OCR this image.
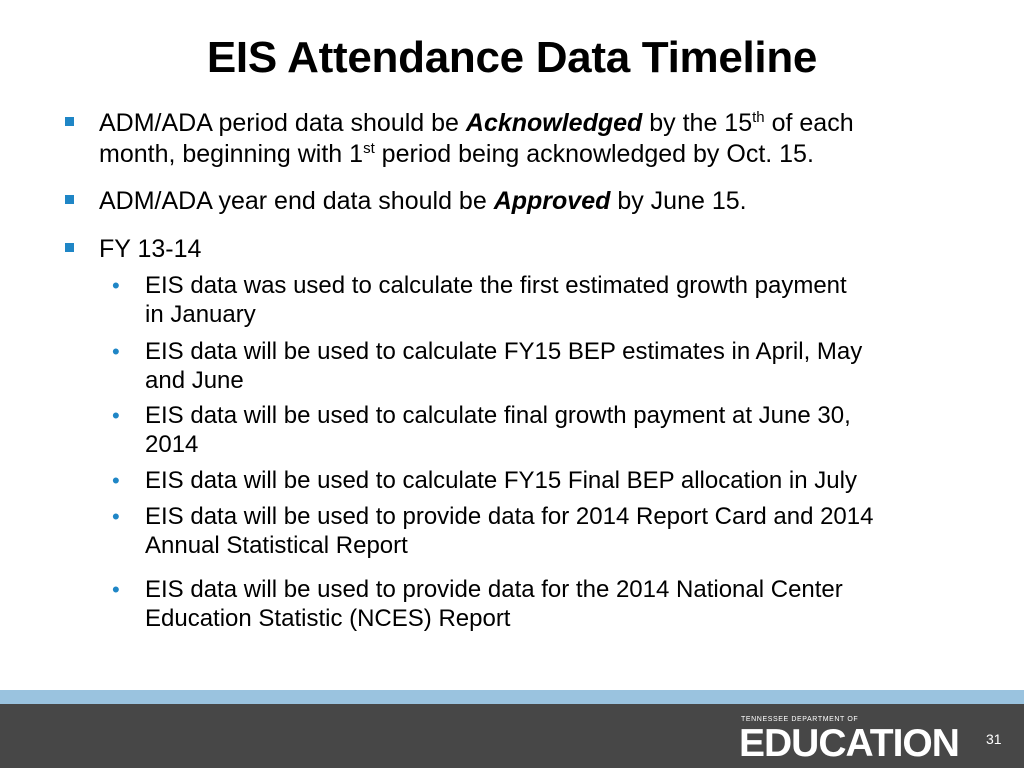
EIS Attendance Data Timeline
ADM/ADA period data should be Acknowledged by the 15th of each
month, beginning with 1st period being acknowledged by Oct. 15.
ADM/ADA year end data should be Approved by June 15.
FY 13-14
• EIS data was used to calculate the first estimated growth payment
in January
• EIS data will be used to calculate FY15 BEP estimates in April, May
and June
• EIS data will be used to calculate final growth payment at June 30,
2014
• EIS data will be used to calculate FY15 Final BEP allocation in July
• EIS data will be used to provide data for 2014 Report Card and 2014
Annual Statistical Report
• EIS data will be used to provide data for the 2014 National Center
Education Statistic (NCES) Report
TENNESSEE DEPARTMENT OF
EDUCATION 31
